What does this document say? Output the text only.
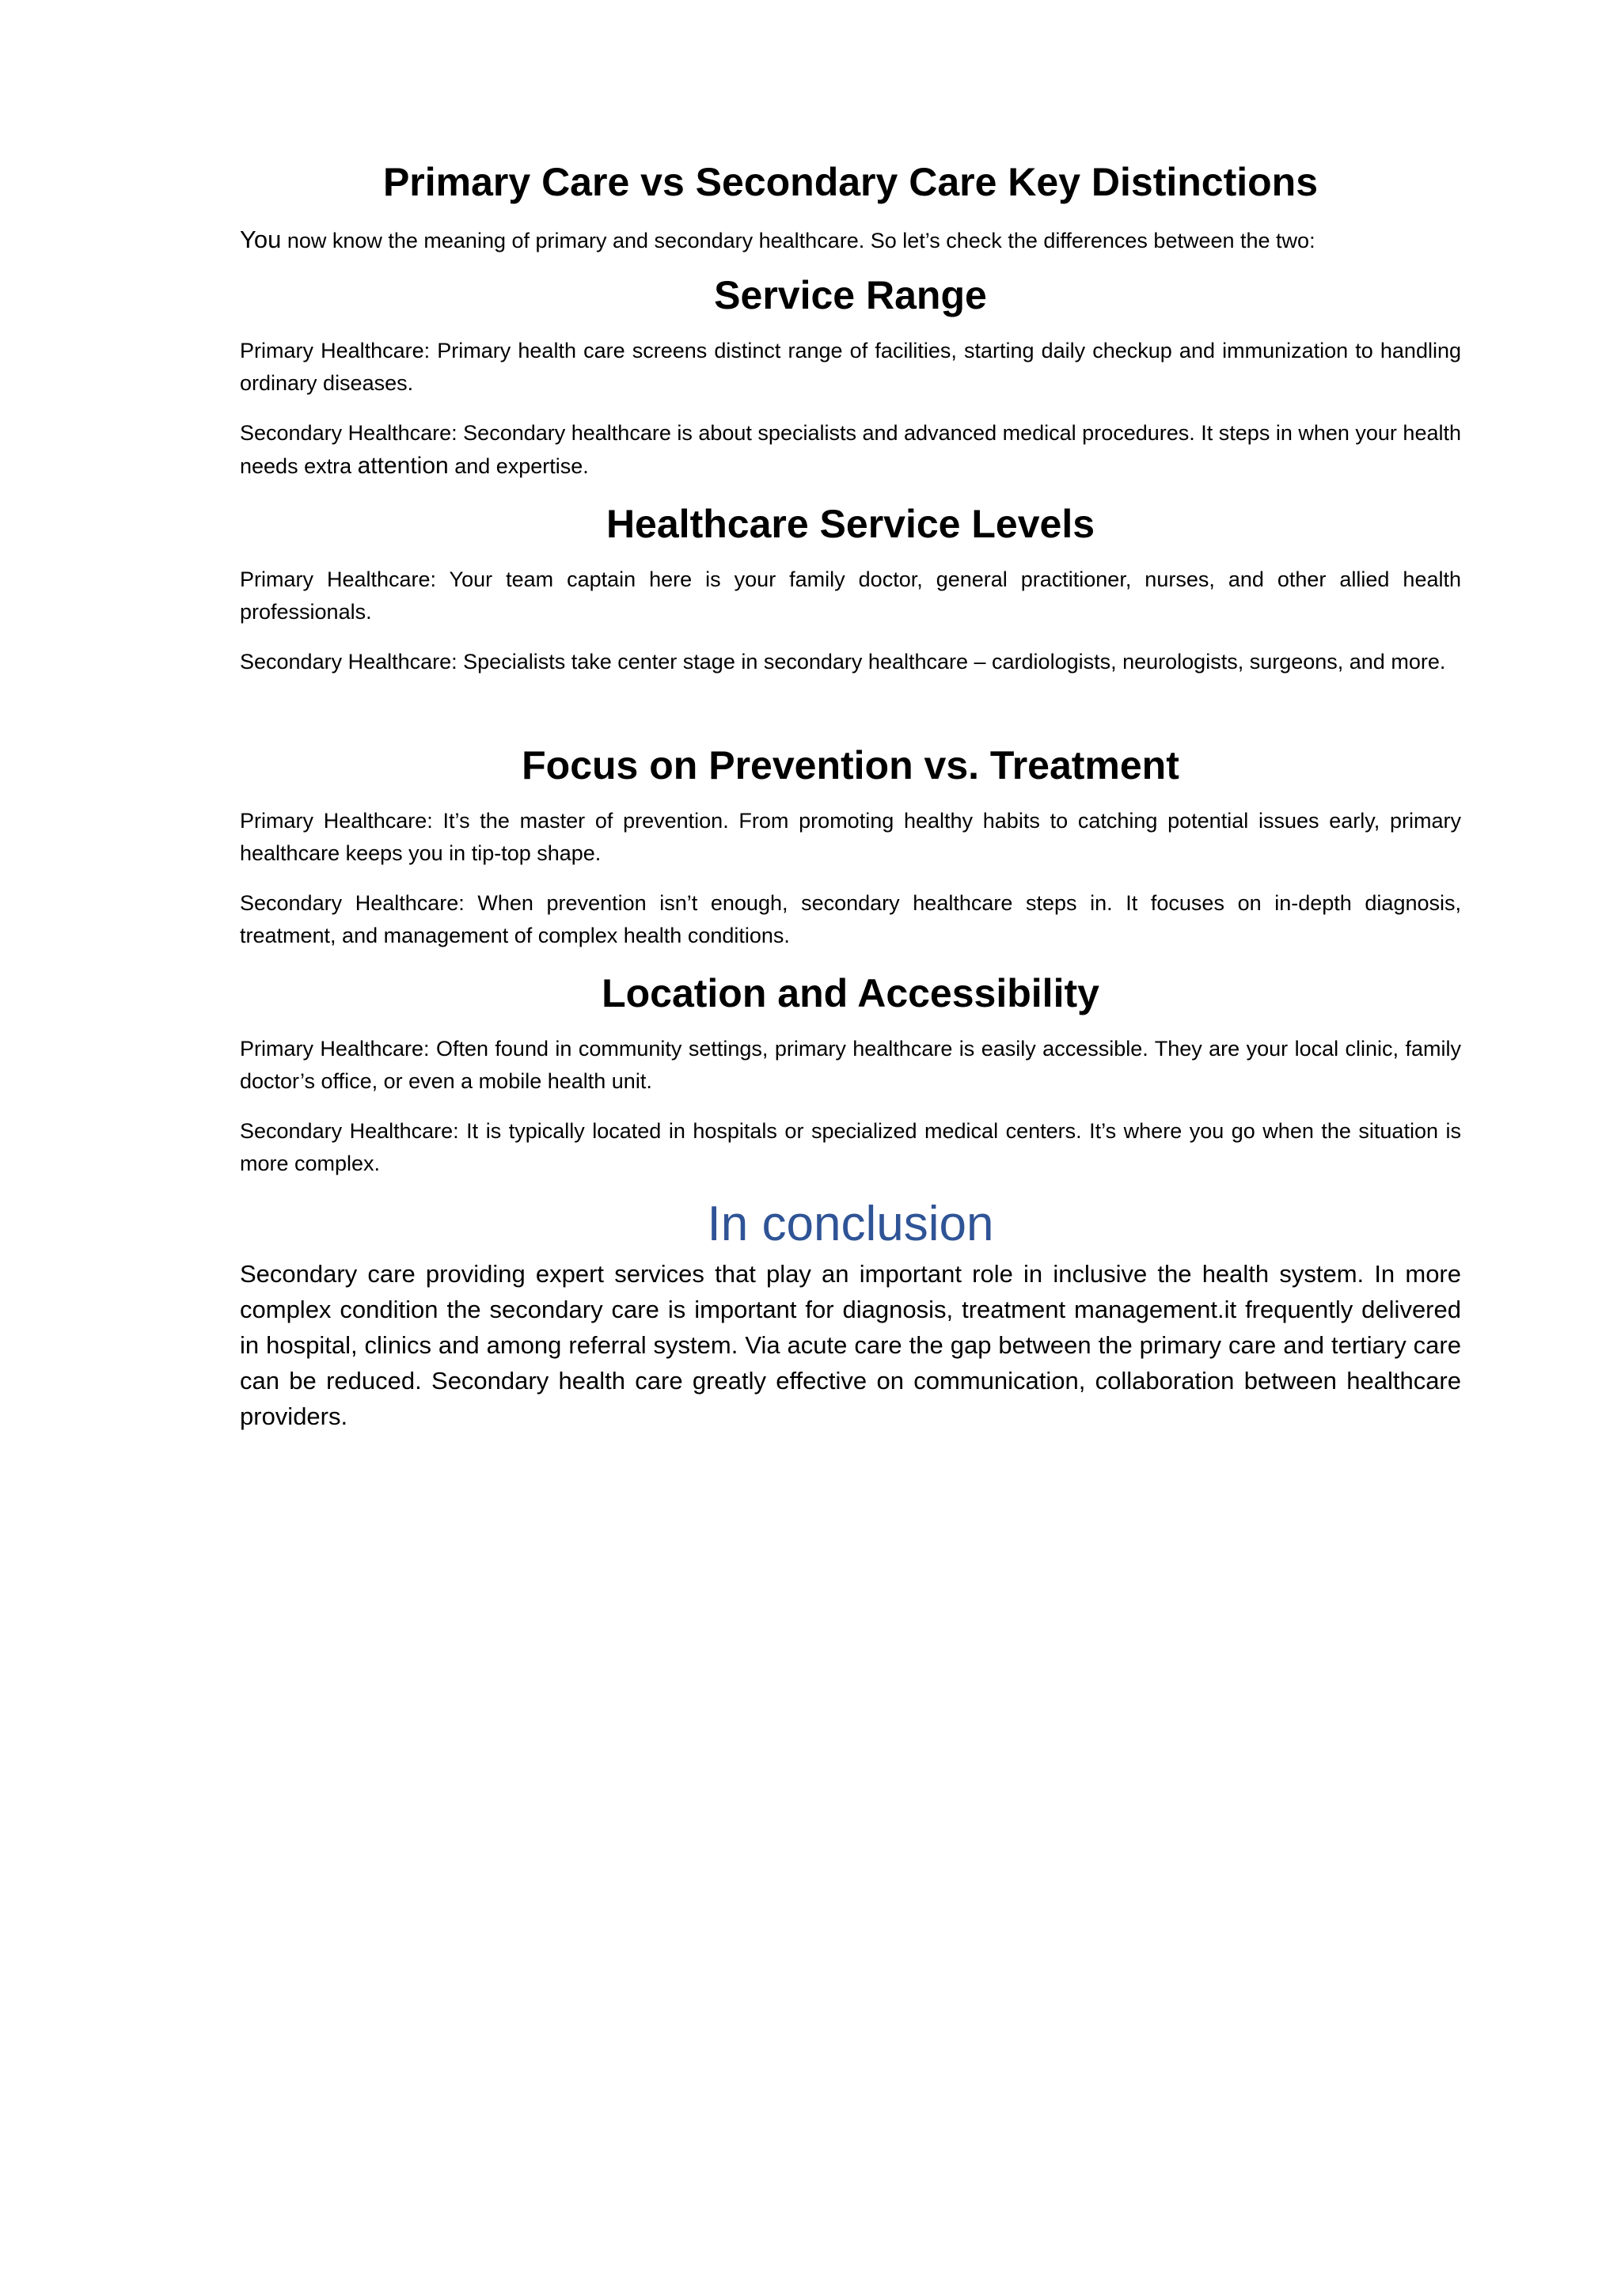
Primary Care vs Secondary Care Key Distinctions

You now know the meaning of primary and secondary healthcare. So let’s check the differences between the two:

Service Range

Primary Healthcare: Primary health care screens distinct range of facilities, starting daily checkup and immunization to handling ordinary diseases.

Secondary Healthcare: Secondary healthcare is about specialists and advanced medical procedures. It steps in when your health needs extra attention and expertise.

Healthcare Service Levels

Primary Healthcare: Your team captain here is your family doctor, general practitioner, nurses, and other allied health professionals.

Secondary Healthcare: Specialists take center stage in secondary healthcare – cardiologists, neurologists, surgeons, and more.

Focus on Prevention vs. Treatment

Primary Healthcare: It’s the master of prevention. From promoting healthy habits to catching potential issues early, primary healthcare keeps you in tip-top shape.

Secondary Healthcare: When prevention isn’t enough, secondary healthcare steps in. It focuses on in-depth diagnosis, treatment, and management of complex health conditions.

Location and Accessibility

Primary Healthcare: Often found in community settings, primary healthcare is easily accessible. They are your local clinic, family doctor’s office, or even a mobile health unit.

Secondary Healthcare: It is typically located in hospitals or specialized medical centers. It’s where you go when the situation is more complex.

In conclusion

Secondary care providing expert services that play an important role in inclusive the health system. In more complex condition the secondary care is important for diagnosis, treatment management.it frequently delivered in hospital, clinics and among referral system. Via acute care the gap between the primary care and tertiary care can be reduced. Secondary health care greatly effective on communication, collaboration between healthcare providers.
